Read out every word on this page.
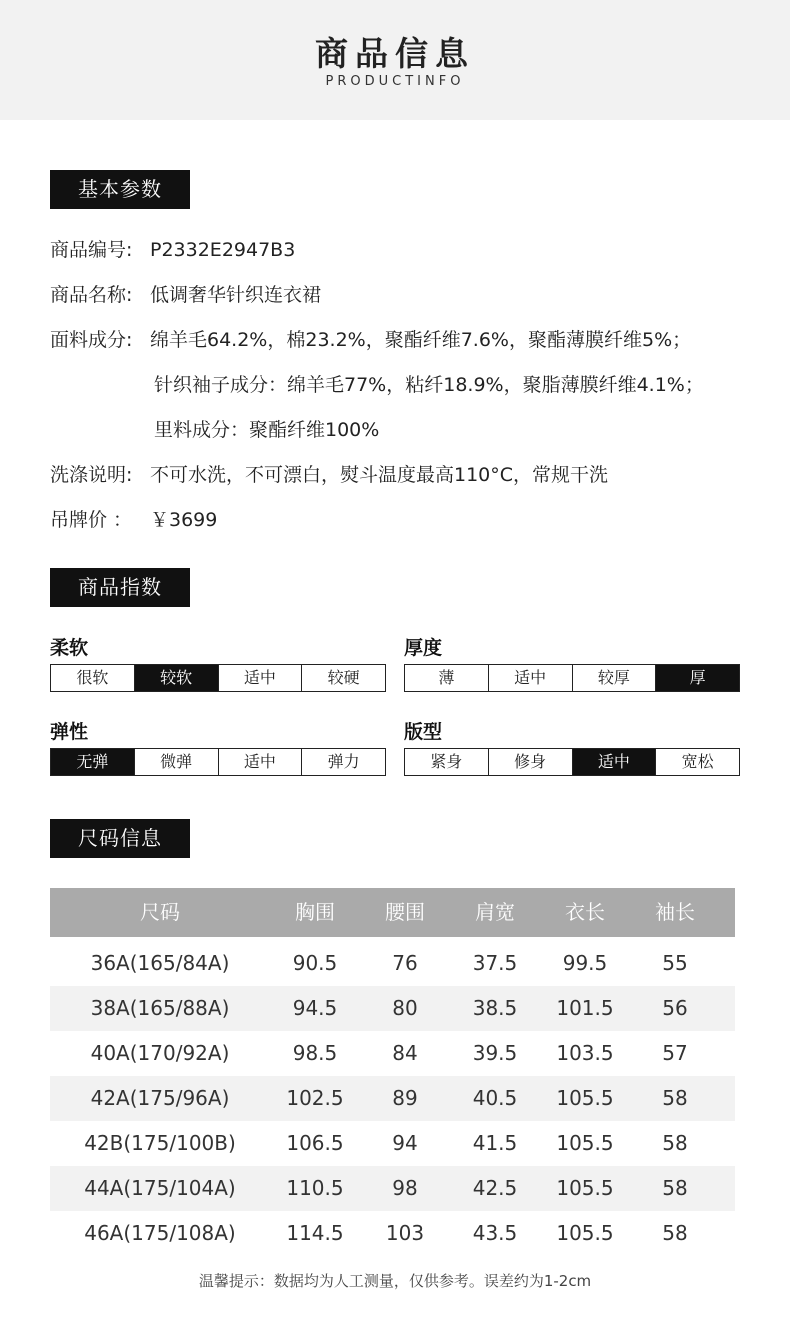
商品信息
PRODUCTINFO
基本参数
商品编号: P2332E2947B3
商品名称: 低调奢华针织连衣裙
面料成分: 绵羊毛64.2%，棉23.2%，聚酯纤维7.6%，聚酯薄膜纤维5%；
针织袖子成分：绵羊毛77%，粘纤18.9%，聚脂薄膜纤维4.1%；
里料成分：聚酯纤维100%
洗涤说明: 不可水洗，不可漂白，熨斗温度最高110°C，常规干洗
吊牌价 ： ￥3699
商品指数
柔软
很软	较软	适中	较硬
厚度
薄	适中	较厚	厚
弹性
无弹	微弹	适中	弹力
版型
紧身	修身	适中	宽松
尺码信息
尺码	胸围	腰围	肩宽	衣长	袖长
36A(165/84A)	90.5	76	37.5	99.5	55
38A(165/88A)	94.5	80	38.5	101.5	56
40A(170/92A)	98.5	84	39.5	103.5	57
42A(175/96A)	102.5	89	40.5	105.5	58
42B(175/100B)	106.5	94	41.5	105.5	58
44A(175/104A)	110.5	98	42.5	105.5	58
46A(175/108A)	114.5	103	43.5	105.5	58
温馨提示：数据均为人工测量，仅供参考。误差约为1-2cm
